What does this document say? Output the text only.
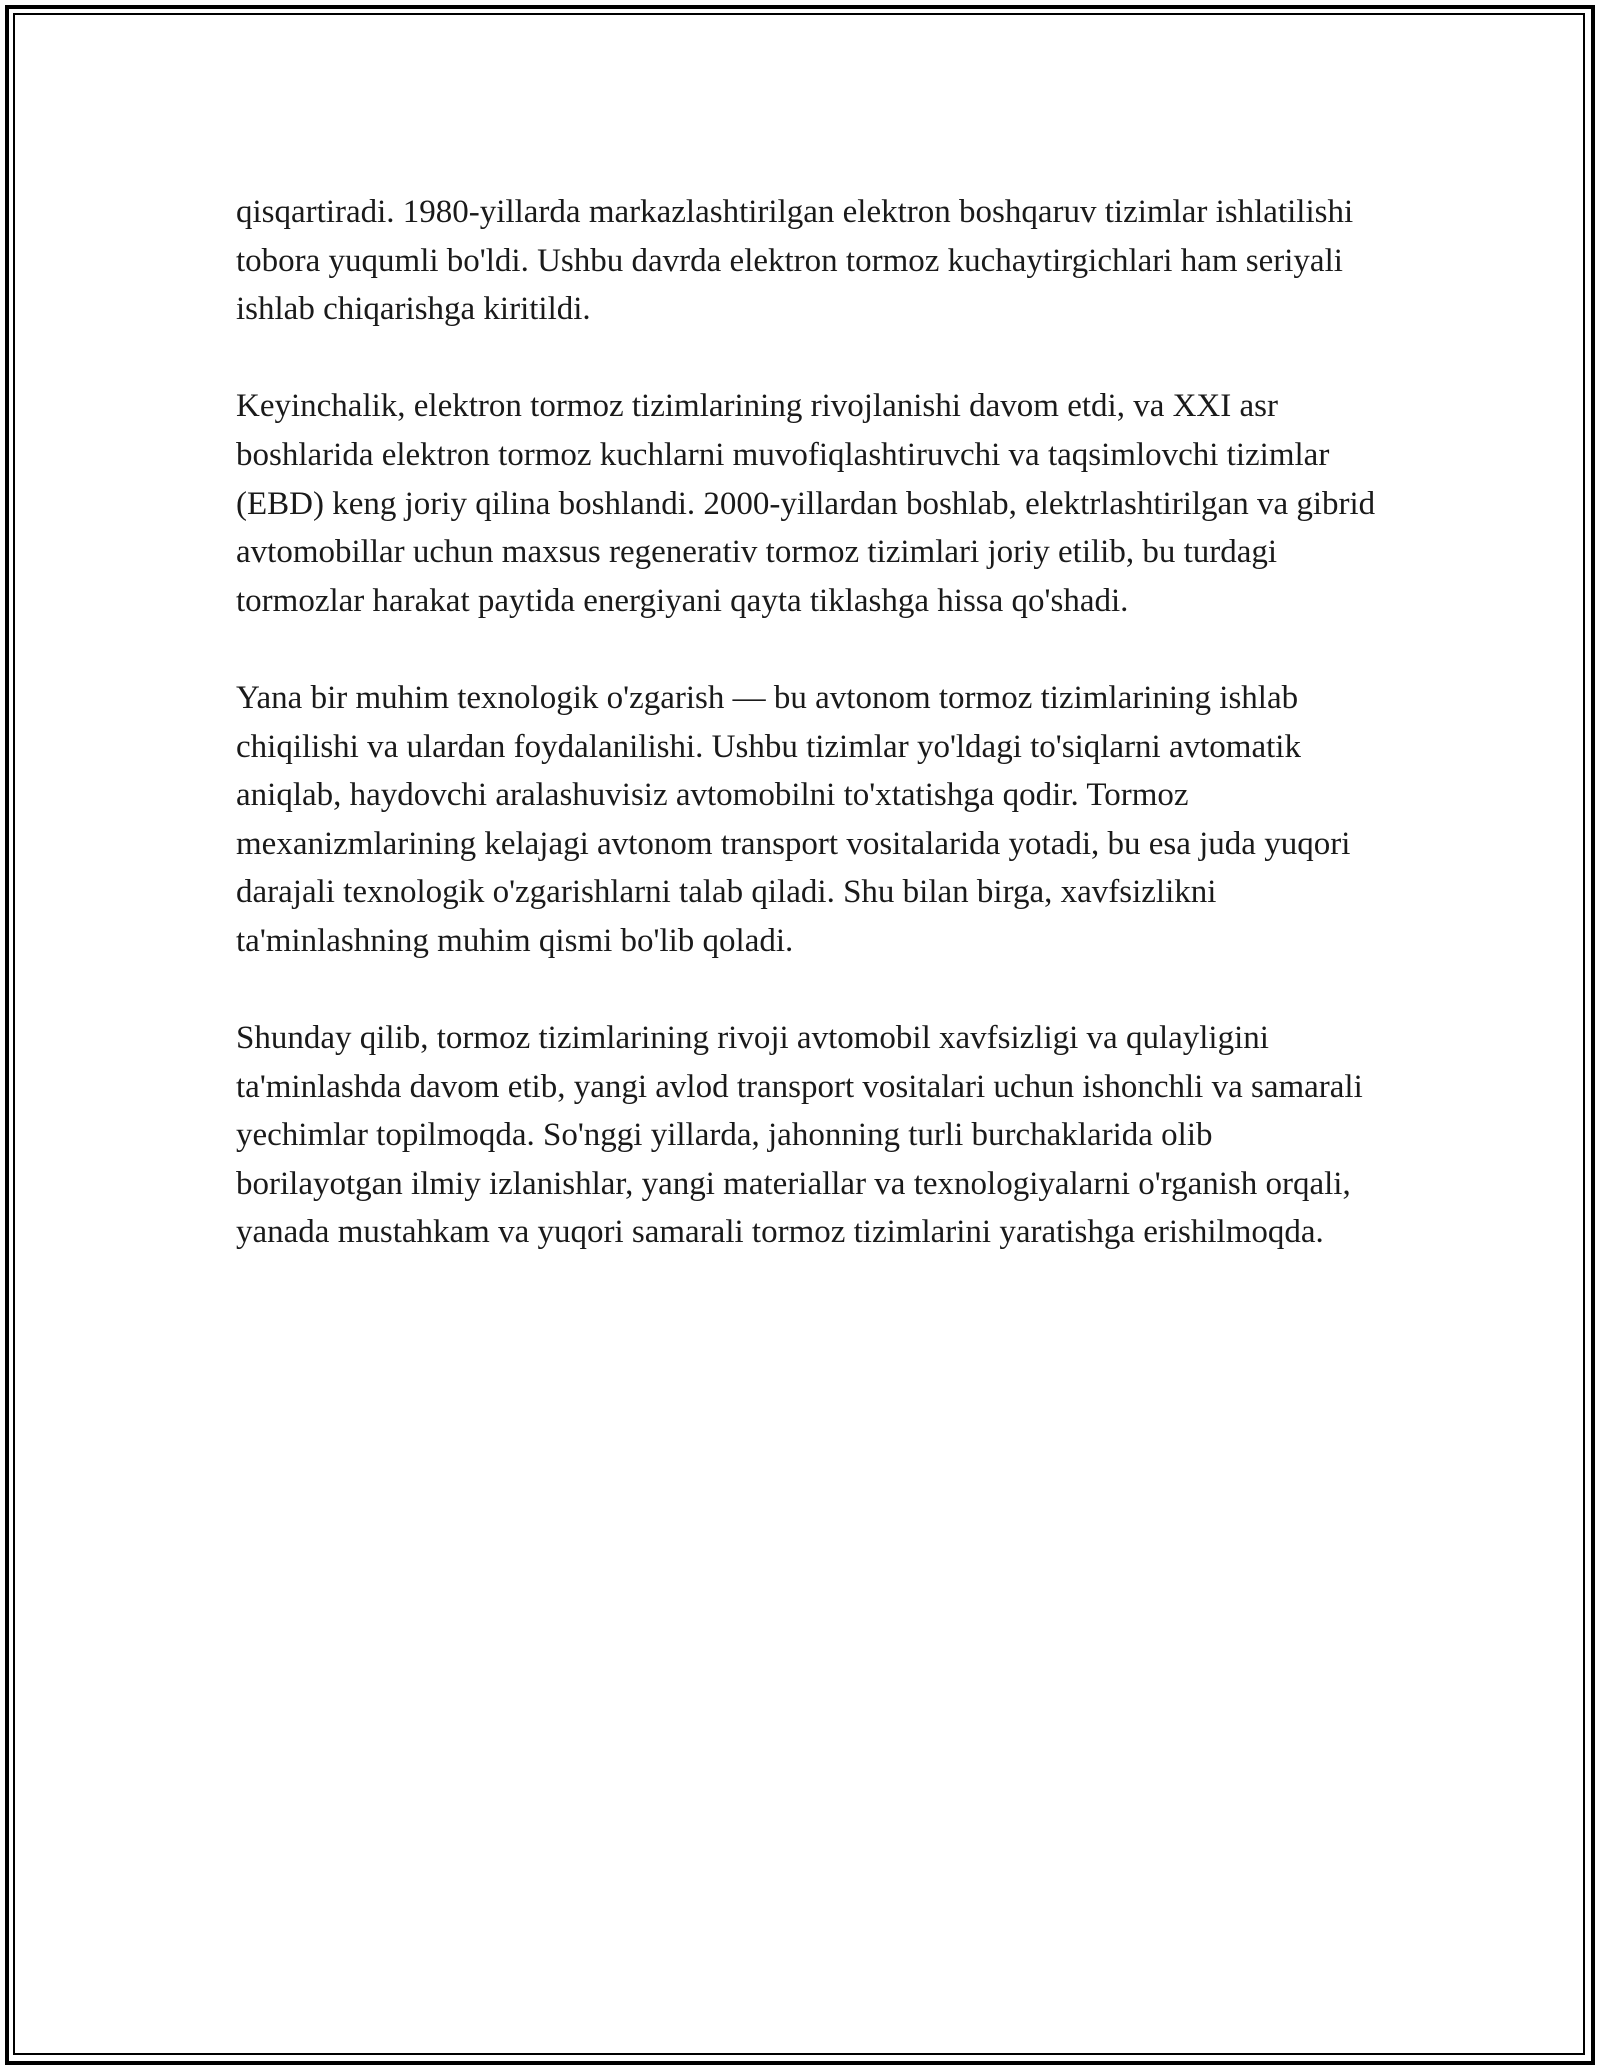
qisqartiradi. 1980-yillarda markazlashtirilgan elektron boshqaruv tizimlar ishlatilishi tobora yuqumli bo'ldi. Ushbu davrda elektron tormoz kuchaytirgichlari ham seriyali ishlab chiqarishga kiritildi.

Keyinchalik, elektron tormoz tizimlarining rivojlanishi davom etdi, va XXI asr boshlarida elektron tormoz kuchlarni muvofiqlashtiruvchi va taqsimlovchi tizimlar (EBD) keng joriy qilina boshlandi. 2000-yillardan boshlab, elektrlashtirilgan va gibrid avtomobillar uchun maxsus regenerativ tormoz tizimlari joriy etilib, bu turdagi tormozlar harakat paytida energiyani qayta tiklashga hissa qo'shadi.

Yana bir muhim texnologik o'zgarish — bu avtonom tormoz tizimlarining ishlab chiqilishi va ulardan foydalanilishi. Ushbu tizimlar yo'ldagi to'siqlarni avtomatik aniqlab, haydovchi aralashuvisiz avtomobilni to'xtatishga qodir. Tormoz mexanizmlarining kelajagi avtonom transport vositalarida yotadi, bu esa juda yuqori darajali texnologik o'zgarishlarni talab qiladi. Shu bilan birga, xavfsizlikni ta'minlashning muhim qismi bo'lib qoladi.

Shunday qilib, tormoz tizimlarining rivoji avtomobil xavfsizligi va qulayligini ta'minlashda davom etib, yangi avlod transport vositalari uchun ishonchli va samarali yechimlar topilmoqda. So'nggi yillarda, jahonning turli burchaklarida olib borilayotgan ilmiy izlanishlar, yangi materiallar va texnologiyalarni o'rganish orqali, yanada mustahkam va yuqori samarali tormoz tizimlarini yaratishga erishilmoqda.
